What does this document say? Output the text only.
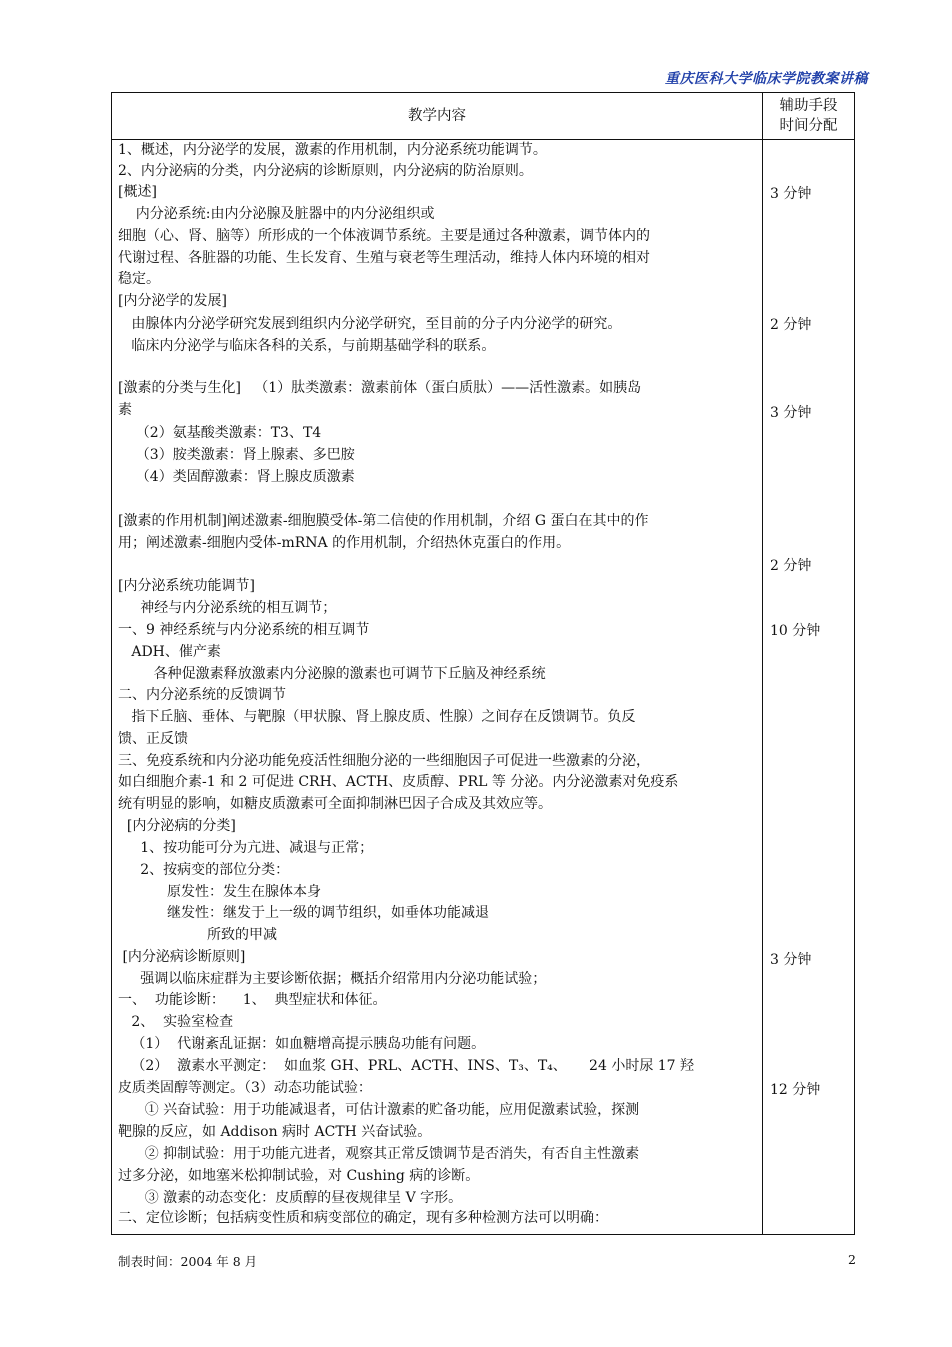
重庆医科大学临床学院教案讲稿
教学内容
辅助手段
时间分配
1、概述，内分泌学的发展，激素的作用机制，内分泌系统功能调节。
2、内分泌病的分类，内分泌病的诊断原则，内分泌病的防治原则。
[概述]
内分泌系统:由内分泌腺及脏器中的内分泌组织或
细胞（心、肾、脑等）所形成的一个体液调节系统。主要是通过各种激素，调节体内的
代谢过程、各脏器的功能、生长发育、生殖与衰老等生理活动，维持人体内环境的相对
稳定。
[内分泌学的发展]
由腺体内分泌学研究发展到组织内分泌学研究，至目前的分子内分泌学的研究。
临床内分泌学与临床各科的关系，与前期基础学科的联系。
[激素的分类与生化]   （1）肽类激素：激素前体（蛋白质肽）——活性激素。如胰岛
素
（2）氨基酸类激素：T3、T4
（3）胺类激素：肾上腺素、多巴胺
（4）类固醇激素：肾上腺皮质激素
[激素的作用机制]阐述激素-细胞膜受体-第二信使的作用机制，介绍 G 蛋白在其中的作
用；阐述激素-细胞内受体-mRNA 的作用机制，介绍热休克蛋白的作用。
[内分泌系统功能调节]
神经与内分泌系统的相互调节；
一、9 神经系统与内分泌系统的相互调节
ADH、催产素
各种促激素释放激素内分泌腺的激素也可调节下丘脑及神经系统
二、内分泌系统的反馈调节
指下丘脑、垂体、与靶腺（甲状腺、肾上腺皮质、性腺）之间存在反馈调节。负反
馈、正反馈
三、免疫系统和内分泌功能免疫活性细胞分泌的一些细胞因子可促进一些激素的分泌，
如白细胞介素-1 和 2 可促进 CRH、ACTH、皮质醇、PRL 等 分泌。内分泌激素对免疫系
统有明显的影响，如糖皮质激素可全面抑制淋巴因子合成及其效应等。
[内分泌病的分类]
1、按功能可分为亢进、减退与正常；
2、按病变的部位分类：
原发性：发生在腺体本身
继发性：继发于上一级的调节组织，如垂体功能减退
所致的甲减
[内分泌病诊断原则]
强调以临床症群为主要诊断依据；概括介绍常用内分泌功能试验；
一、  功能诊断：    1、  典型症状和体征。
2、  实验室检查
（1）  代谢紊乱证据：如血糖增高提示胰岛功能有问题。
（2）  激素水平测定：  如血浆 GH、PRL、ACTH、INS、T₃、T₄、     24 小时尿 17 羟
皮质类固醇等测定。（3）动态功能试验：
① 兴奋试验：用于功能减退者，可估计激素的贮备功能，应用促激素试验，探测
靶腺的反应，如 Addison 病时 ACTH 兴奋试验。
② 抑制试验：用于功能亢进者，观察其正常反馈调节是否消失，有否自主性激素
过多分泌，如地塞米松抑制试验，对 Cushing 病的诊断。
③ 激素的动态变化：皮质醇的昼夜规律呈 V 字形。
二、定位诊断；包括病变性质和病变部位的确定，现有多种检测方法可以明确：
3 分钟
2 分钟
3 分钟
2 分钟
10 分钟
3 分钟
12 分钟
制表时间：2004 年 8 月	2
